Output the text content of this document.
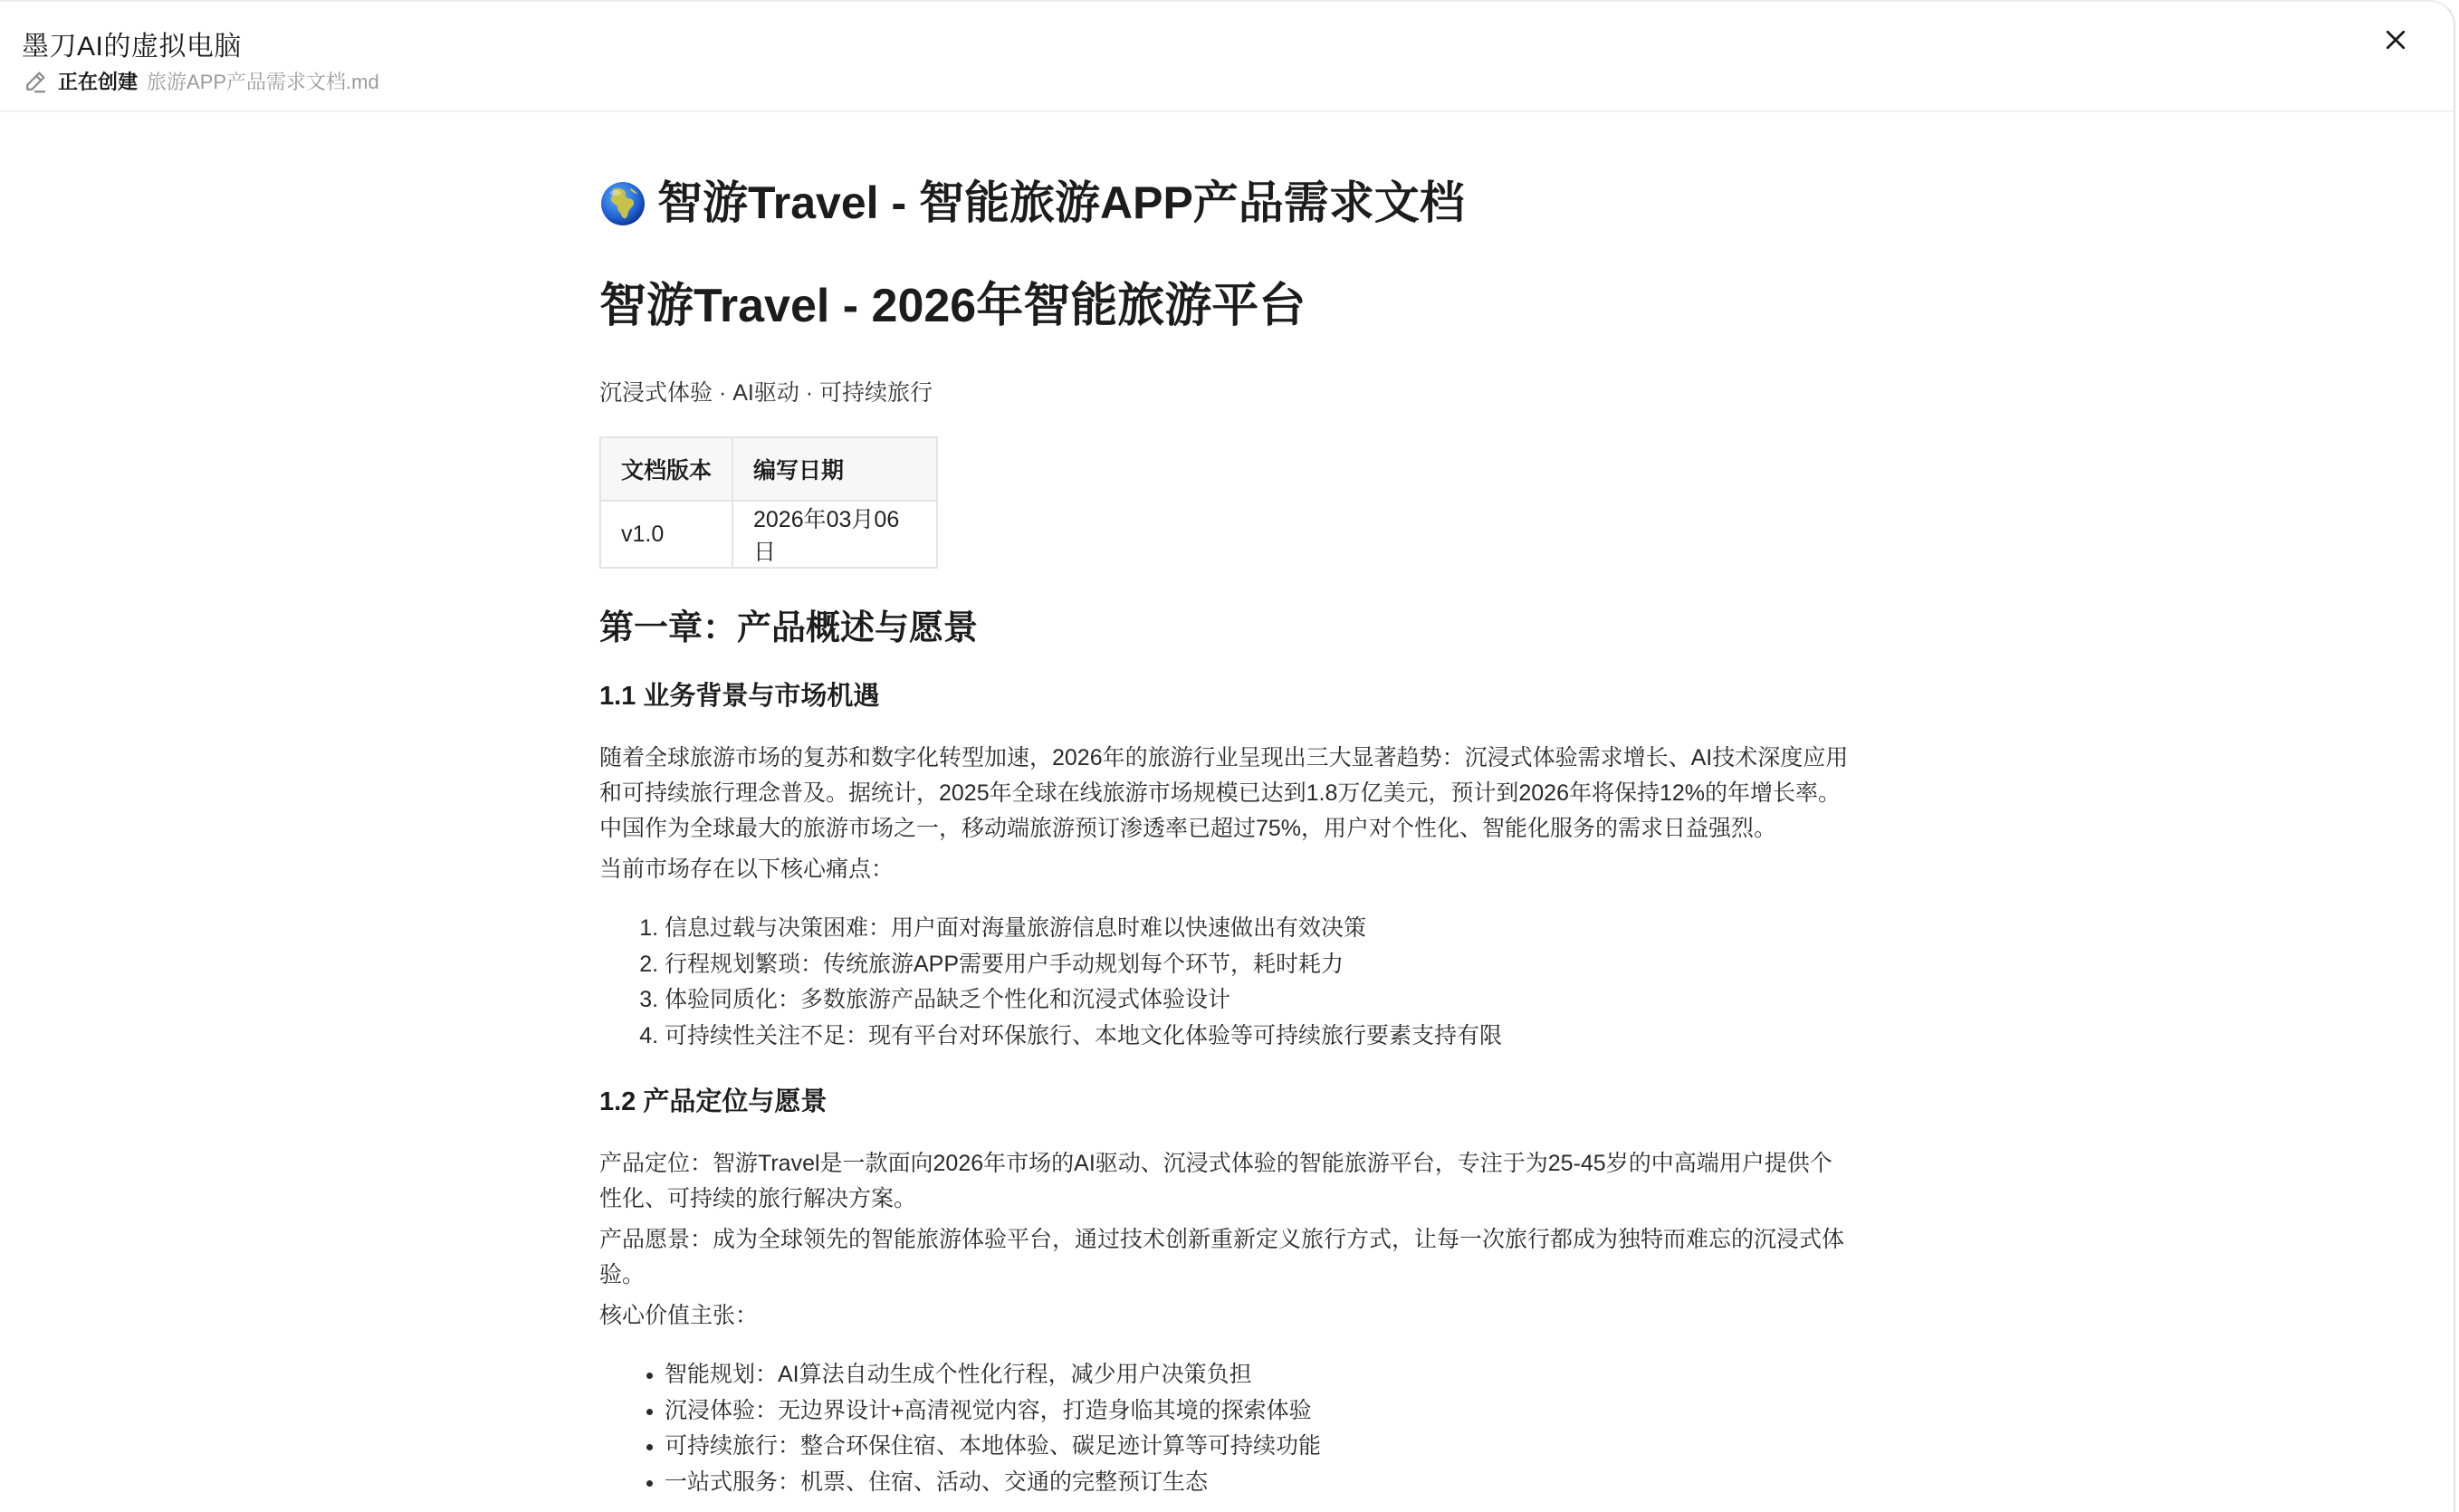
墨刀AI的虚拟电脑
正在创建 旅游APP产品需求文档.md
智游Travel - 智能旅游APP产品需求文档
智游Travel - 2026年智能旅游平台

沉浸式体验 · AI驱动 · 可持续旅行

文档版本	编写日期
v1.0	2026年03月06日
第一章：产品概述与愿景
1.1 业务背景与市场机遇

随着全球旅游市场的复苏和数字化转型加速，2026年的旅游行业呈现出三大显著趋势：沉浸式体验需求增长、AI技术深度应用和可持续旅行理念普及。据统计，2025年全球在线旅游市场规模已达到1.8万亿美元，预计到2026年将保持12%的年增长率。中国作为全球最大的旅游市场之一，移动端旅游预订渗透率已超过75%，用户对个性化、智能化服务的需求日益强烈。

当前市场存在以下核心痛点：

1. 信息过载与决策困难：用户面对海量旅游信息时难以快速做出有效决策
2. 行程规划繁琐：传统旅游APP需要用户手动规划每个环节，耗时耗力
3. 体验同质化：多数旅游产品缺乏个性化和沉浸式体验设计
4. 可持续性关注不足：现有平台对环保旅行、本地文化体验等可持续旅行要素支持有限
1.2 产品定位与愿景

产品定位：智游Travel是一款面向2026年市场的AI驱动、沉浸式体验的智能旅游平台，专注于为25-45岁的中高端用户提供个性化、可持续的旅行解决方案。

产品愿景：成为全球领先的智能旅游体验平台，通过技术创新重新定义旅行方式，让每一次旅行都成为独特而难忘的沉浸式体验。

核心价值主张：

• 智能规划：AI算法自动生成个性化行程，减少用户决策负担
• 沉浸体验：无边界设计+高清视觉内容，打造身临其境的探索体验
• 可持续旅行：整合环保住宿、本地体验、碳足迹计算等可持续功能
• 一站式服务：机票、住宿、活动、交通的完整预订生态
